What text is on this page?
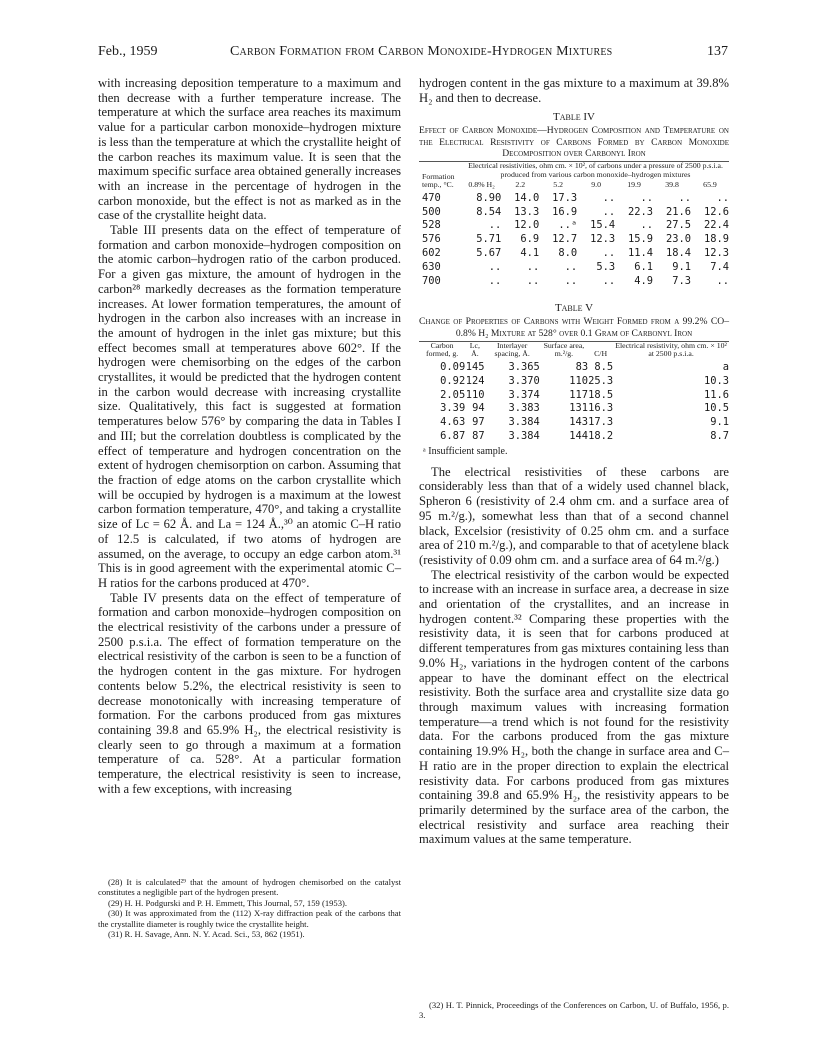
Feb., 1959	Carbon Formation from Carbon Monoxide-Hydrogen Mixtures	137

with increasing deposition temperature to a maximum and then decrease with a further temperature increase. The temperature at which the surface area reaches its maximum value for a particular carbon monoxide–hydrogen mixture is less than the temperature at which the crystallite height of the carbon reaches its maximum value. It is seen that the maximum specific surface area obtained generally increases with an increase in the percentage of hydrogen in the carbon monoxide, but the effect is not as marked as in the case of the crystallite height data.

Table III presents data on the effect of temperature of formation and carbon monoxide–hydrogen composition on the atomic carbon–hydrogen ratio of the carbon produced. For a given gas mixture, the amount of hydrogen in the carbon²⁸ markedly decreases as the formation temperature increases. At lower formation temperatures, the amount of hydrogen in the carbon also increases with an increase in the amount of hydrogen in the inlet gas mixture; but this effect becomes small at temperatures above 602°. If the hydrogen were chemisorbing on the edges of the carbon crystallites, it would be predicted that the hydrogen content in the carbon would decrease with increasing crystallite size. Qualitatively, this fact is suggested at formation temperatures below 576° by comparing the data in Tables I and III; but the correlation doubtless is complicated by the effect of temperature and hydrogen concentration on the extent of hydrogen chemisorption on carbon. Assuming that the fraction of edge atoms on the carbon crystallite which will be occupied by hydrogen is a maximum at the lowest carbon formation temperature, 470°, and taking a crystallite size of Lc = 62 Å. and La = 124 Å.,³⁰ an atomic C–H ratio of 12.5 is calculated, if two atoms of hydrogen are assumed, on the average, to occupy an edge carbon atom.³¹ This is in good agreement with the experimental atomic C–H ratios for the carbons produced at 470°.

Table IV presents data on the effect of temperature of formation and carbon monoxide–hydrogen composition on the electrical resistivity of the carbons under a pressure of 2500 p.s.i.a. The effect of formation temperature on the electrical resistivity of the carbon is seen to be a function of the hydrogen content in the gas mixture. For hydrogen contents below 5.2%, the electrical resistivity is seen to decrease monotonically with increasing temperature of formation. For the carbons produced from gas mixtures containing 39.8 and 65.9% H₂, the electrical resistivity is clearly seen to go through a maximum at a formation temperature of ca. 528°. At a particular formation temperature, the electrical resistivity is seen to increase, with a few exceptions, with increasing

hydrogen content in the gas mixture to a maximum at 39.8% H₂ and then to decrease.

Table IV
Effect of Carbon Monoxide—Hydrogen Composition and Temperature on the Electrical Resistivity of Carbons Formed by Carbon Monoxide Decomposition over Carbonyl Iron
Formation temp., °C.	Electrical resistivities, ohm cm. × 10², of carbons under a pressure of 2500 p.s.i.a. produced from various carbon monoxide–hydrogen mixtures						
	0.8% H₂	2.2	5.2	9.0	19.9	39.8	65.9
470	8.90	14.0	17.3	..	..	..	..
500	8.54	13.3	16.9	..	22.3	21.6	12.6
528	..	12.0	..ᵃ	15.4	..	27.5	22.4
576	5.71	6.9	12.7	12.3	15.9	23.0	18.9
602	5.67	4.1	8.0	..	11.4	18.4	12.3
630	..	..	..	5.3	6.1	9.1	7.4
700	..	..	..	..	4.9	7.3	..
Table V
Change of Properties of Carbons with Weight Formed from a 99.2% CO–0.8% H₂ Mixture at 528° over 0.1 Gram of Carbonyl Iron
Carbon formed, g.	Lc, Å.	Interlayer spacing, Å.	Surface area, m.²/g.	C/H	Electrical resistivity, ohm cm. × 10² at 2500 p.s.i.a.
0.09	145	3.365	83	8.5	a
0.92	124	3.370	110	25.3	10.3
2.05	110	3.374	117	18.5	11.6
3.39	94	3.383	131	16.3	10.5
4.63	97	3.384	143	17.3	9.1
6.87	87	3.384	144	18.2	8.7
ᵃ Insufficient sample.

The electrical resistivities of these carbons are considerably less than that of a widely used channel black, Spheron 6 (resistivity of 2.4 ohm cm. and a surface area of 95 m.²/g.), somewhat less than that of a second channel black, Excelsior (resistivity of 0.25 ohm cm. and a surface area of 210 m.²/g.), and comparable to that of acetylene black (resistivity of 0.09 ohm cm. and a surface area of 64 m.²/g.)

The electrical resistivity of the carbon would be expected to increase with an increase in surface area, a decrease in size and orientation of the crystallites, and an increase in hydrogen content.³² Comparing these properties with the resistivity data, it is seen that for carbons produced at different temperatures from gas mixtures containing less than 9.0% H₂, variations in the hydrogen content of the carbons appear to have the dominant effect on the electrical resistivity. Both the surface area and crystallite size data go through maximum values with increasing formation temperature—a trend which is not found for the resistivity data. For the carbons produced from the gas mixture containing 19.9% H₂, both the change in surface area and C–H ratio are in the proper direction to explain the electrical resistivity data. For carbons produced from gas mixtures containing 39.8 and 65.9% H₂, the resistivity appears to be primarily determined by the surface area of the carbon, the electrical resistivity and surface area reaching their maximum values at the same temperature.

(28) It is calculated²⁹ that the amount of hydrogen chemisorbed on the catalyst constitutes a negligible part of the hydrogen present.

(29) H. H. Podgurski and P. H. Emmett, This Journal, 57, 159 (1953).

(30) It was approximated from the (112) X-ray diffraction peak of the carbons that the crystallite diameter is roughly twice the crystallite height.

(31) R. H. Savage, Ann. N. Y. Acad. Sci., 53, 862 (1951).

(32) H. T. Pinnick, Proceedings of the Conferences on Carbon, U. of Buffalo, 1956, p. 3.
